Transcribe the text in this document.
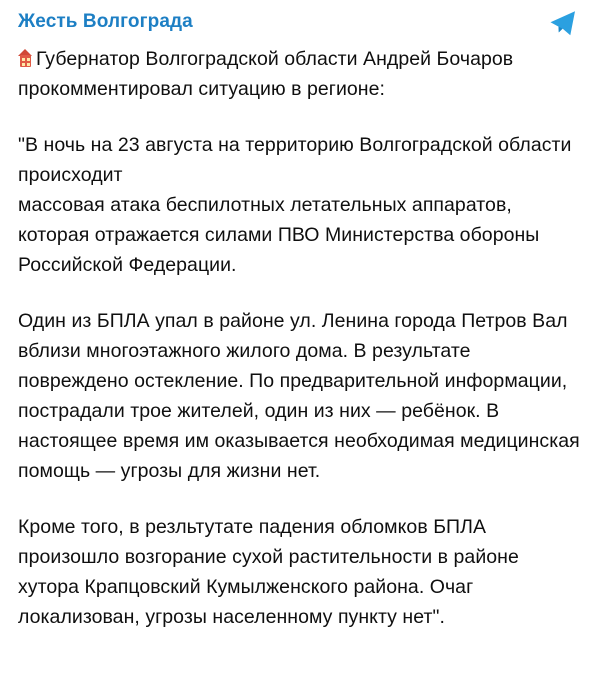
Жесть Волгограда

Губернатор Волгоградской области Андрей Бочаров прокомментировал ситуацию в регионе:

"В ночь на 23 августа на территорию Волгоградской области происходит

массовая атака беспилотных летательных аппаратов, которая отражается силами ПВО Министерства обороны Российской Федерации.

Один из БПЛА упал в районе ул. Ленина города Петров Вал вблизи многоэтажного жилого дома. В результате повреждено остекление. По предварительной информации, пострадали трое жителей, один из них — ребёнок. В настоящее время им оказывается необходимая медицинская помощь — угрозы для жизни нет.

Кроме того, в резльтутате падения обломков БПЛА произошло возгорание сухой растительности в районе хутора Крапцовский Кумылженского района. Очаг локализован, угрозы населенному пункту нет".
